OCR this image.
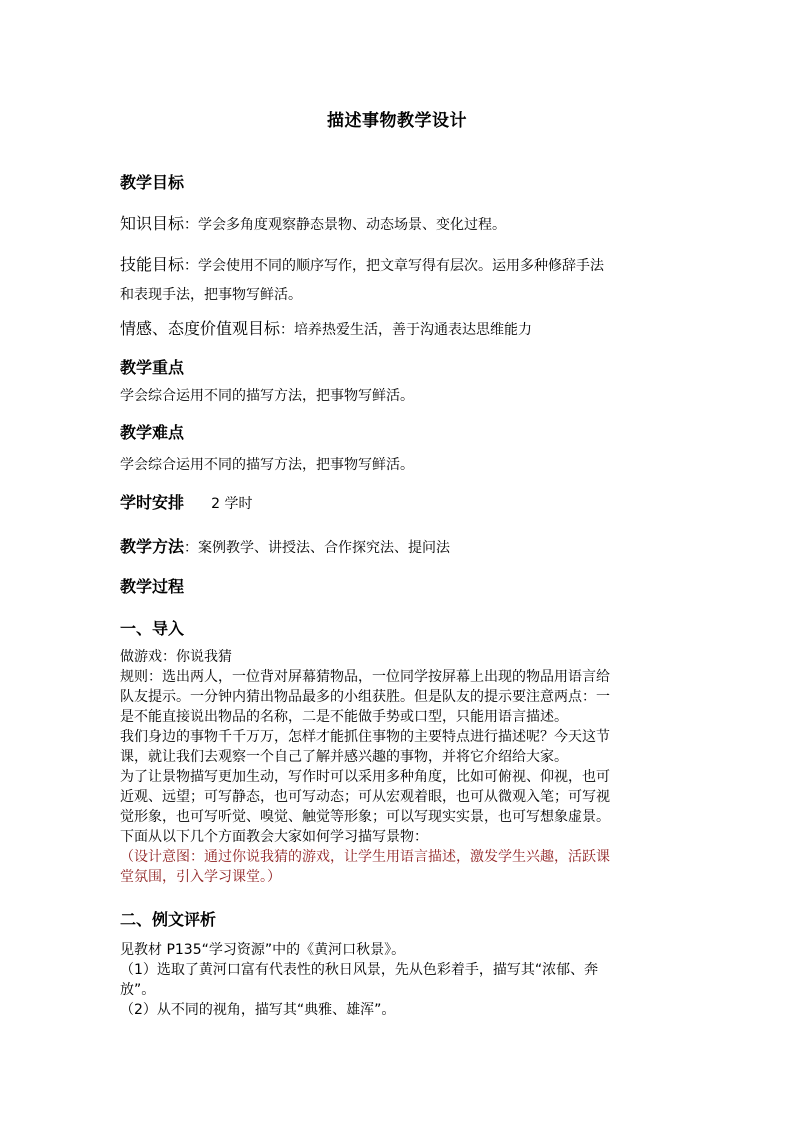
描述事物教学设计
教学目标
知识目标：学会多角度观察静态景物、动态场景、变化过程。
技能目标：学会使用不同的顺序写作，把文章写得有层次。运用多种修辞手法
和表现手法，把事物写鲜活。
情感、态度价值观目标：培养热爱生活，善于沟通表达思维能力
教学重点
学会综合运用不同的描写方法，把事物写鲜活。
教学难点
学会综合运用不同的描写方法，把事物写鲜活。
学时安排 2 学时
教学方法：案例教学、讲授法、合作探究法、提问法
教学过程
一、导入
做游戏：你说我猜
规则：选出两人，一位背对屏幕猜物品，一位同学按屏幕上出现的物品用语言给
队友提示。一分钟内猜出物品最多的小组获胜。但是队友的提示要注意两点：一
是不能直接说出物品的名称，二是不能做手势或口型，只能用语言描述。
我们身边的事物千千万万，怎样才能抓住事物的主要特点进行描述呢？今天这节
课，就让我们去观察一个自己了解并感兴趣的事物，并将它介绍给大家。
为了让景物描写更加生动，写作时可以采用多种角度，比如可俯视、仰视，也可
近观、远望；可写静态，也可写动态；可从宏观着眼，也可从微观入笔；可写视
觉形象，也可写听觉、嗅觉、触觉等形象；可以写现实实景，也可写想象虚景。
下面从以下几个方面教会大家如何学习描写景物：
（设计意图：通过你说我猜的游戏，让学生用语言描述，激发学生兴趣，活跃课
堂氛围，引入学习课堂。）
二、例文评析
见教材 P135“学习资源”中的《黄河口秋景》。
（1）选取了黄河口富有代表性的秋日风景，先从色彩着手，描写其“浓郁、奔
放”。
（2）从不同的视角，描写其“典雅、雄浑”。
